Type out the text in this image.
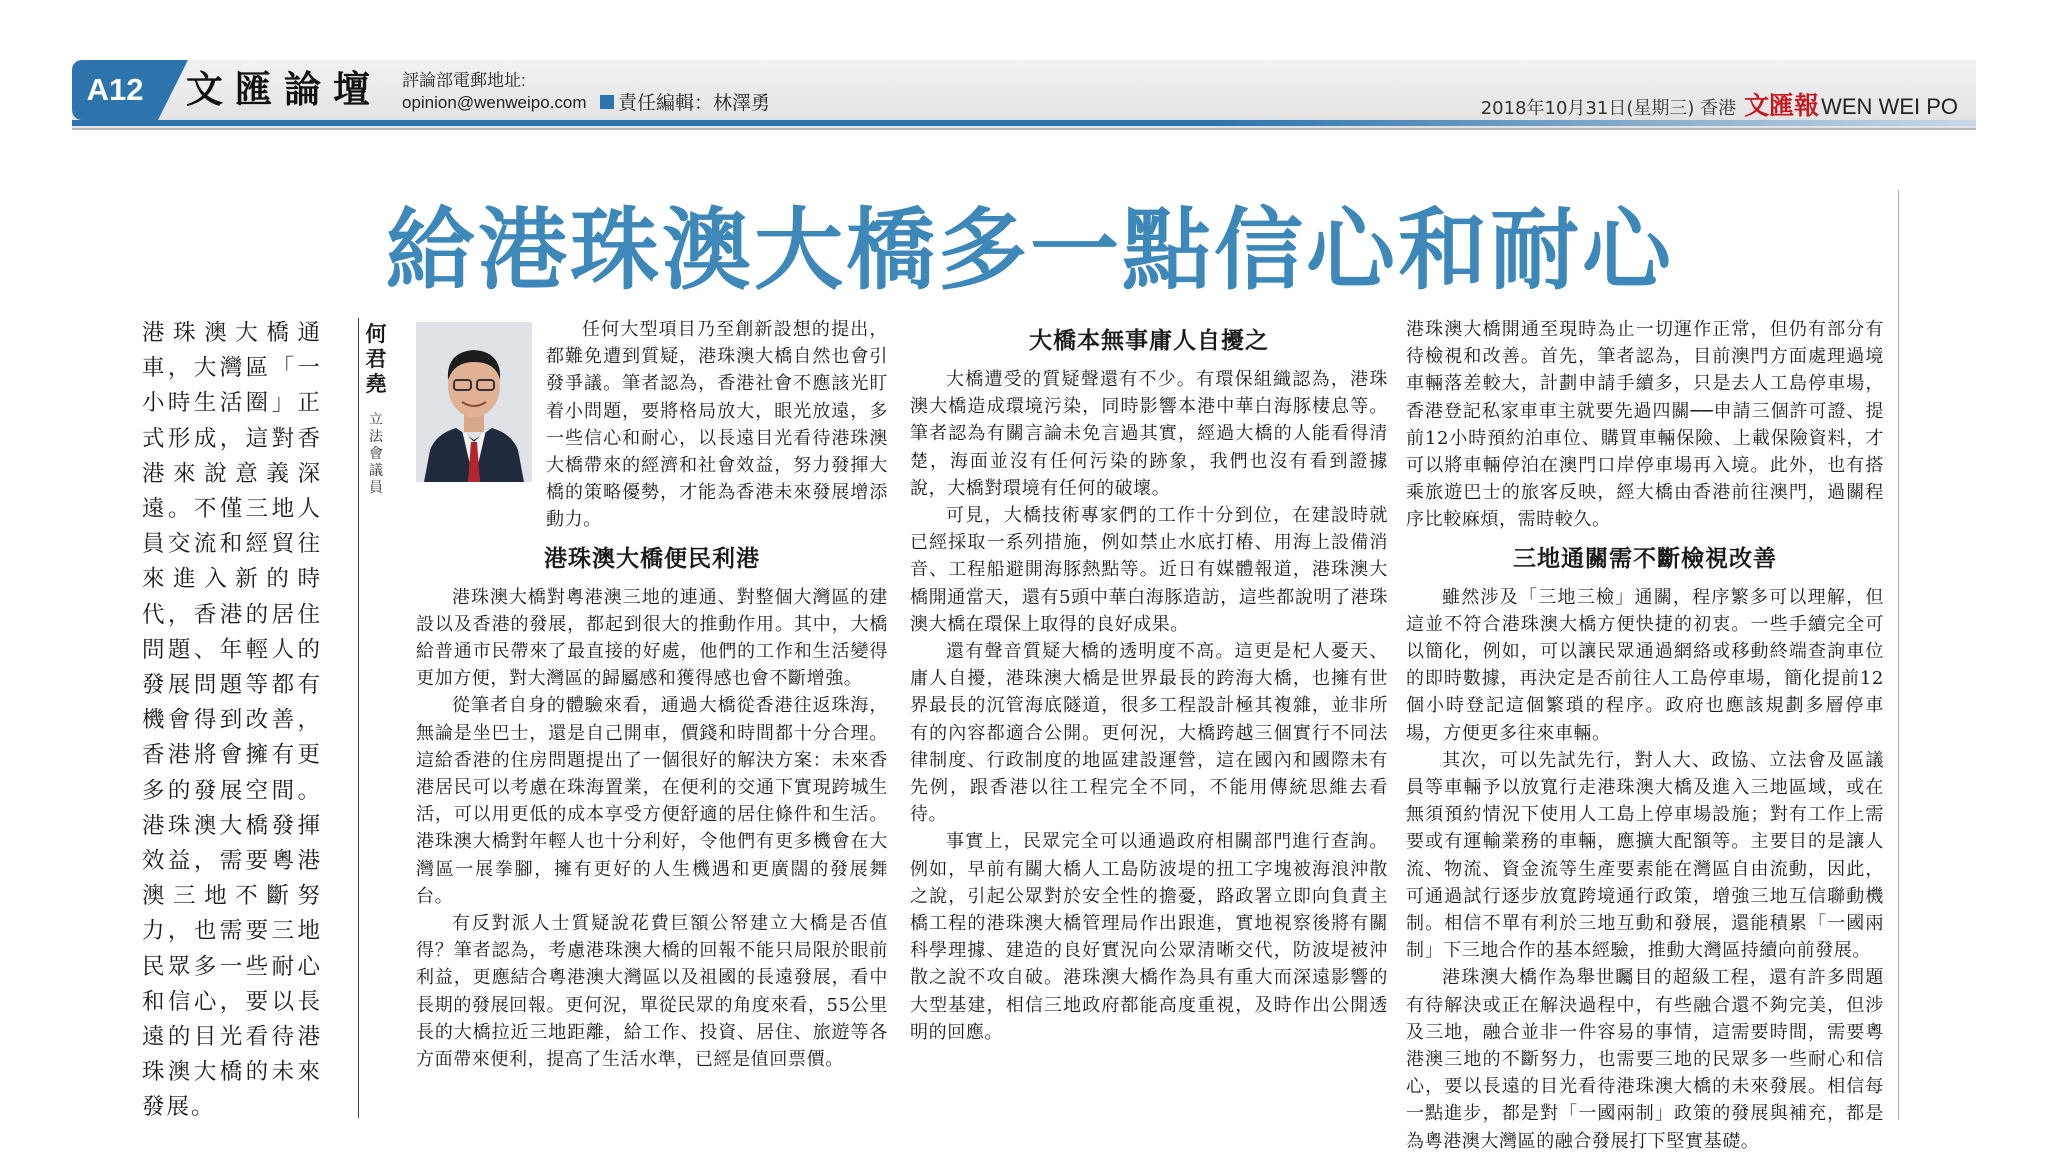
A12	文匯論壇 評論部電郵地址:
opinion@wenweipo.com 責任編輯：林澤勇	2018年10月31日(星期三) 香港 文匯報 WEN WEI PO
給港珠澳大橋多一點信心和耐心

港珠澳大橋通車，大灣區「一小時生活圈」正式形成，這對香港來說意義深遠。不僅三地人員交流和經貿往來進入新的時代，香港的居住問題、年輕人的發展問題等都有機會得到改善，香港將會擁有更多的發展空間。港珠澳大橋發揮效益，需要粵港澳三地不斷努力，也需要三地民眾多一些耐心和信心，要以長遠的目光看待港珠澳大橋的未來發展。

何君堯
立法會議員

任何大型項目乃至創新設想的提出，都難免遭到質疑，港珠澳大橋自然也會引發爭議。筆者認為，香港社會不應該光盯着小問題，要將格局放大，眼光放遠，多一些信心和耐心，以長遠目光看待港珠澳大橋帶來的經濟和社會效益，努力發揮大橋的策略優勢，才能為香港未來發展增添動力。

港珠澳大橋便民利港

港珠澳大橋對粵港澳三地的連通、對整個大灣區的建設以及香港的發展，都起到很大的推動作用。其中，大橋給普通市民帶來了最直接的好處，他們的工作和生活變得更加方便，對大灣區的歸屬感和獲得感也會不斷增強。

從筆者自身的體驗來看，通過大橋從香港往返珠海，無論是坐巴士，還是自己開車，價錢和時間都十分合理。這給香港的住房問題提出了一個很好的解決方案：未來香港居民可以考慮在珠海置業，在便利的交通下實現跨城生活，可以用更低的成本享受方便舒適的居住條件和生活。港珠澳大橋對年輕人也十分利好，令他們有更多機會在大灣區一展拳腳，擁有更好的人生機遇和更廣闊的發展舞台。

有反對派人士質疑說花費巨額公帑建立大橋是否值得？筆者認為，考慮港珠澳大橋的回報不能只局限於眼前利益，更應結合粵港澳大灣區以及祖國的長遠發展，看中長期的發展回報。更何況，單從民眾的角度來看，55公里長的大橋拉近三地距離，給工作、投資、居住、旅遊等各方面帶來便利，提高了生活水準，已經是值回票價。

大橋本無事庸人自擾之

大橋遭受的質疑聲還有不少。有環保組織認為，港珠澳大橋造成環境污染，同時影響本港中華白海豚棲息等。筆者認為有關言論未免言過其實，經過大橋的人能看得清楚，海面並沒有任何污染的跡象，我們也沒有看到證據說，大橋對環境有任何的破壞。

可見，大橋技術專家們的工作十分到位，在建設時就已經採取一系列措施，例如禁止水底打樁、用海上設備消音、工程船避開海豚熱點等。近日有媒體報道，港珠澳大橋開通當天，還有5頭中華白海豚造訪，這些都說明了港珠澳大橋在環保上取得的良好成果。

還有聲音質疑大橋的透明度不高。這更是杞人憂天、庸人自擾，港珠澳大橋是世界最長的跨海大橋，也擁有世界最長的沉管海底隧道，很多工程設計極其複雜，並非所有的內容都適合公開。更何況，大橋跨越三個實行不同法律制度、行政制度的地區建設運營，這在國內和國際未有先例，跟香港以往工程完全不同，不能用傳統思維去看待。

事實上，民眾完全可以通過政府相關部門進行查詢。例如，早前有關大橋人工島防波堤的扭工字塊被海浪沖散之說，引起公眾對於安全性的擔憂，路政署立即向負責主橋工程的港珠澳大橋管理局作出跟進，實地視察後將有關科學理據、建造的良好實況向公眾清晰交代，防波堤被沖散之說不攻自破。港珠澳大橋作為具有重大而深遠影響的大型基建，相信三地政府都能高度重視，及時作出公開透明的回應。

港珠澳大橋開通至現時為止一切運作正常，但仍有部分有待檢視和改善。首先，筆者認為，目前澳門方面處理過境車輛落差較大，計劃申請手續多，只是去人工島停車場，香港登記私家車車主就要先過四關──申請三個許可證、提前12小時預約泊車位、購買車輛保險、上載保險資料，才可以將車輛停泊在澳門口岸停車場再入境。此外，也有搭乘旅遊巴士的旅客反映，經大橋由香港前往澳門，過關程序比較麻煩，需時較久。

三地通關需不斷檢視改善

雖然涉及「三地三檢」通關，程序繁多可以理解，但這並不符合港珠澳大橋方便快捷的初衷。一些手續完全可以簡化，例如，可以讓民眾通過網絡或移動終端查詢車位的即時數據，再決定是否前往人工島停車場，簡化提前12個小時登記這個繁瑣的程序。政府也應該規劃多層停車場，方便更多往來車輛。

其次，可以先試先行，對人大、政協、立法會及區議員等車輛予以放寬行走港珠澳大橋及進入三地區域，或在無須預約情況下使用人工島上停車場設施；對有工作上需要或有運輸業務的車輛，應擴大配額等。主要目的是讓人流、物流、資金流等生產要素能在灣區自由流動，因此，可通過試行逐步放寬跨境通行政策，增強三地互信聯動機制。相信不單有利於三地互動和發展，還能積累「一國兩制」下三地合作的基本經驗，推動大灣區持續向前發展。

港珠澳大橋作為舉世矚目的超級工程，還有許多問題有待解決或正在解決過程中，有些融合還不夠完美，但涉及三地，融合並非一件容易的事情，這需要時間，需要粵港澳三地的不斷努力，也需要三地的民眾多一些耐心和信心，要以長遠的目光看待港珠澳大橋的未來發展。相信每一點進步，都是對「一國兩制」政策的發展與補充，都是為粵港澳大灣區的融合發展打下堅實基礎。
